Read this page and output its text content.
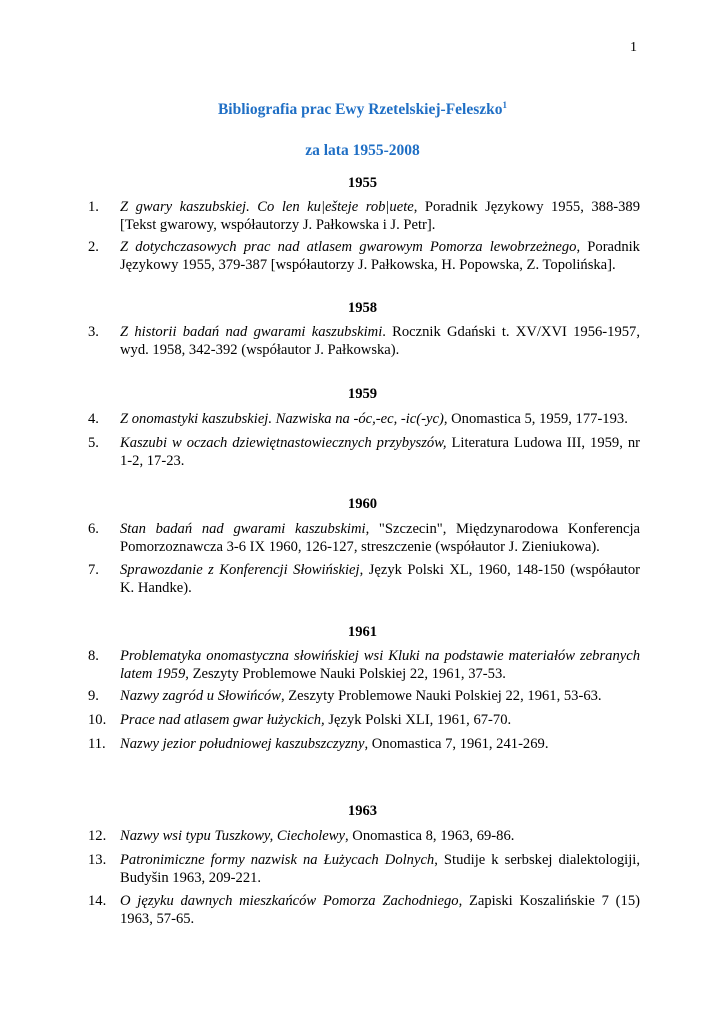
1
Bibliografia prac Ewy Rzetelskiej-Feleszko$^1$
za lata 1955-2008
1955
1. Z gwary kaszubskiej. Co len ku|ešteje rob|uete, Poradnik Językowy 1955, 388-389 [Tekst gwarowy, współautorzy J. Pałkowska i J. Petr].
2. Z dotychczasowych prac nad atlasem gwarowym Pomorza lewobrzeżnego, Poradnik Językowy 1955, 379-387 [współautorzy J. Pałkowska, H. Popowska, Z. Topolińska].
1958
3. Z historii badań nad gwarami kaszubskimi. Rocznik Gdański t. XV/XVI 1956-1957, wyd. 1958, 342-392 (współautor J. Pałkowska).
1959
4. Z onomastyki kaszubskiej. Nazwiska na -óc,-ec, -ic(-yc), Onomastica 5, 1959, 177-193.
5. Kaszubi w oczach dziewiętnastowiecznych przybyszów, Literatura Ludowa III, 1959, nr 1-2, 17-23.
1960
6. Stan badań nad gwarami kaszubskimi, "Szczecin", Międzynarodowa Konferencja Pomorzoznawcza 3-6 IX 1960, 126-127, streszczenie (współautor J. Zieniukowa).
7. Sprawozdanie z Konferencji Słowińskiej, Język Polski XL, 1960, 148-150 (współautor K. Handke).
1961
8. Problematyka onomastyczna słowińskiej wsi Kluki na podstawie materiałów zebranych latem 1959, Zeszyty Problemowe Nauki Polskiej 22, 1961, 37-53.
9. Nazwy zagród u Słowińców, Zeszyty Problemowe Nauki Polskiej 22, 1961, 53-63.
10. Prace nad atlasem gwar łużyckich, Język Polski XLI, 1961, 67-70.
11. Nazwy jezior południowej kaszubszczyzny, Onomastica 7, 1961, 241-269.
1963
12. Nazwy wsi typu Tuszkowy, Ciecholewy, Onomastica 8, 1963, 69-86.
13. Patronimiczne formy nazwisk na Łużycach Dolnych, Studije k serbskej dialektologiji, Budyšin 1963, 209-221.
14. O języku dawnych mieszkańców Pomorza Zachodniego, Zapiski Koszalińskie 7 (15) 1963, 57-65.
